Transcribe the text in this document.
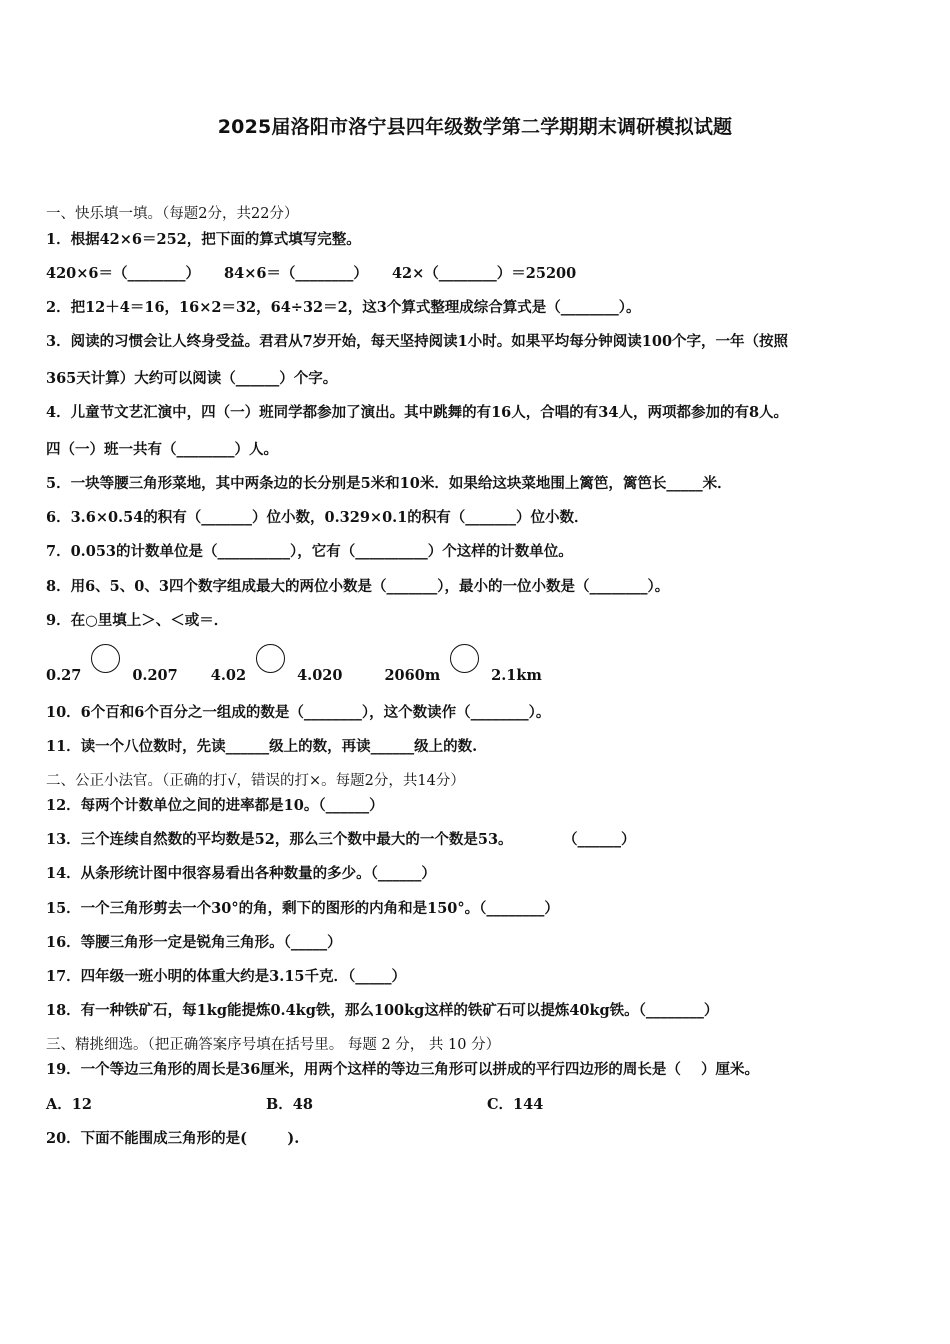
2025届洛阳市洛宁县四年级数学第二学期期末调研模拟试题
一、快乐填一填。（每题2分，共22分）
1．根据42×6＝252，把下面的算式填写完整。
420×6＝（________） 84×6＝（________） 42×（________）＝25200
2．把12＋4＝16，16×2＝32，64÷32＝2，这3个算式整理成综合算式是（________）。
3．阅读的习惯会让人终身受益。君君从7岁开始，每天坚持阅读1小时。如果平均每分钟阅读100个字，一年（按照
365天计算）大约可以阅读（______）个字。
4．儿童节文艺汇演中，四（一）班同学都参加了演出。其中跳舞的有16人，合唱的有34人，两项都参加的有8人。
四（一）班一共有（________）人。
5．一块等腰三角形菜地，其中两条边的长分别是5米和10米．如果给这块菜地围上篱笆，篱笆长_____米．
6．3.6×0.54的积有（_______）位小数，0.329×0.1的积有（_______）位小数．
7．0.053的计数单位是（__________），它有（__________）个这样的计数单位。
8．用6、5、0、3四个数字组成最大的两位小数是（_______），最小的一位小数是（________）。
9．在○里填上＞、＜或＝．
0.27	0.207 4.02	4.020	2060m	2.1km
10．6个百和6个百分之一组成的数是（________），这个数读作（________）。
11．读一个八位数时，先读______级上的数，再读______级上的数.
二、公正小法官。（正确的打√，错误的打×。每题2分，共14分）
12．每两个计数单位之间的进率都是10。（______）
13．三个连续自然数的平均数是52，那么三个数中最大的一个数是53。          （______）
14．从条形统计图中很容易看出各种数量的多少。（______）
15．一个三角形剪去一个30°的角，剩下的图形的内角和是150°。（________）
16．等腰三角形一定是锐角三角形。（_____）
17．四年级一班小明的体重大约是3.15千克．（_____）
18．有一种铁矿石，每1kg能提炼0.4kg铁，那么100kg这样的铁矿石可以提炼40kg铁。（________）
三、精挑细选。（把正确答案序号填在括号里。 每题 2 分， 共 10 分）
19．一个等边三角形的周长是36厘米，用两个这样的等边三角形可以拼成的平行四边形的周长是（    ）厘米。
A．12	B．48	C．144
20．下面不能围成三角形的是(        ).
